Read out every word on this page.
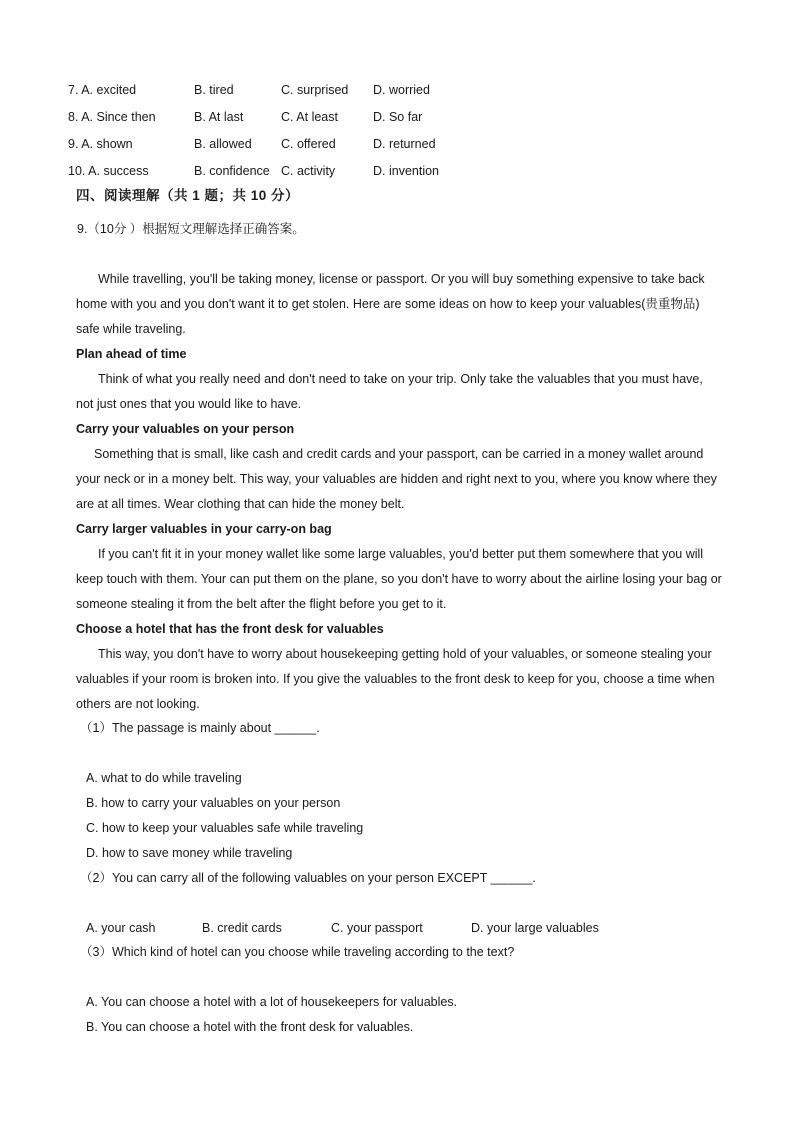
7. A. excited	B. tired	C. surprised D. worried
8. A. Since then	B. At last	C. At least	D. So far
9. A. shown	B. allowed C. offered	D. returned
10. A. success	B. confidence C. activity	D. invention
四、阅读理解（共 1 题；共 10 分）
9.（10分 ）根据短文理解选择正确答案。

While travelling, you'll be taking money, license or passport. Or you will buy something expensive to take back home with you and you don't want it to get stolen. Here are some ideas on how to keep your valuables(贵重物品) safe while traveling.

Plan ahead of time

Think of what you really need and don't need to take on your trip. Only take the valuables that you must have, not just ones that you would like to have.

Carry your valuables on your person

Something that is small, like cash and credit cards and your passport, can be carried in a money wallet around your neck or in a money belt. This way, your valuables are hidden and right next to you, where you know where they are at all times. Wear clothing that can hide the money belt.

Carry larger valuables in your carry-on bag

If you can't fit it in your money wallet like some large valuables, you'd better put them somewhere that you will keep touch with them. Your can put them on the plane, so you don't have to worry about the airline losing your bag or someone stealing it from the belt after the flight before you get to it.

Choose a hotel that has the front desk for valuables

This way, you don't have to worry about housekeeping getting hold of your valuables, or someone stealing your valuables if your room is broken into. If you give the valuables to the front desk to keep for you, choose a time when others are not looking.

（1）The passage is mainly about ______.
A. what to do while traveling
B. how to carry your valuables on your person
C. how to keep your valuables safe while traveling
D. how to save money while traveling
（2）You can carry all of the following valuables on your person EXCEPT ______.
A. your cash	B. credit cards	C. your passport	D. your large valuables
（3）Which kind of hotel can you choose while traveling according to the text?
A. You can choose a hotel with a lot of housekeepers for valuables.
B. You can choose a hotel with the front desk for valuables.
